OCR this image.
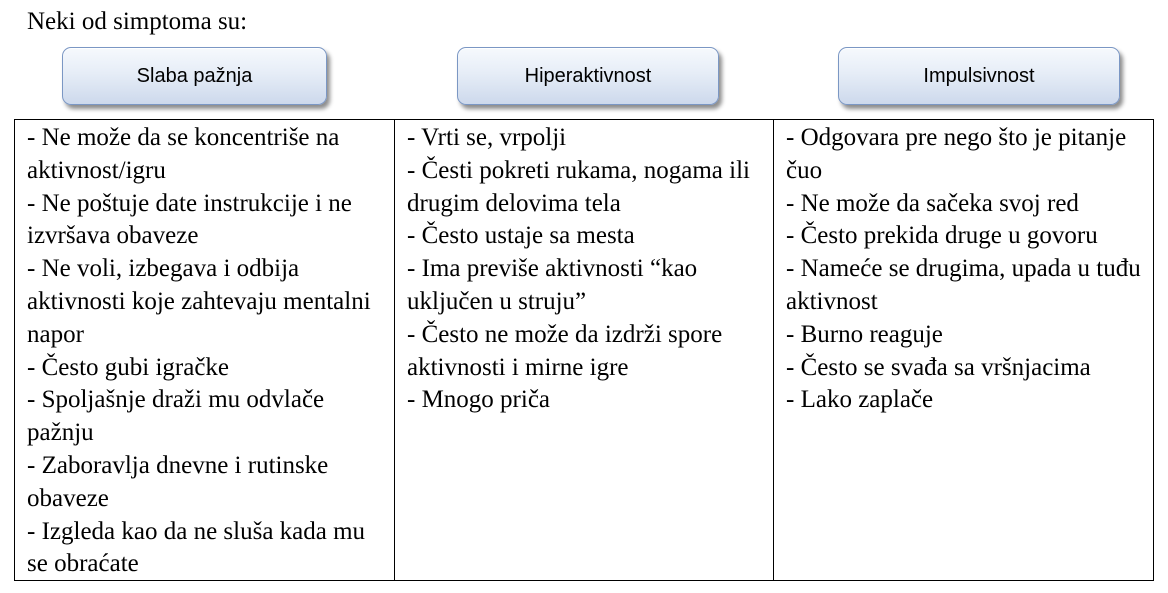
Neki od simptoma su:
Slaba pažnja	Hiperaktivnost	Impulsivnost
- Ne može da se koncentriše na aktivnost/igru
- Ne poštuje date instrukcije i ne izvršava obaveze
- Ne voli, izbegava i odbija aktivnosti koje zahtevaju mentalni napor
- Često gubi igračke
- Spoljašnje draži mu odvlače pažnju
- Zaboravlja dnevne i rutinske obaveze
- Izgleda kao da ne sluša kada mu se obraćate
- Vrti se, vrpolji
- Česti pokreti rukama, nogama ili drugim delovima tela
- Često ustaje sa mesta
- Ima previše aktivnosti “kao uključen u struju”
- Često ne može da izdrži spore aktivnosti i mirne igre
- Mnogo priča
- Odgovara pre nego što je pitanje čuo
- Ne može da sačeka svoj red
- Često prekida druge u govoru
- Nameće se drugima, upada u tuđu aktivnost
- Burno reaguje
- Često se svađa sa vršnjacima
- Lako zaplače
